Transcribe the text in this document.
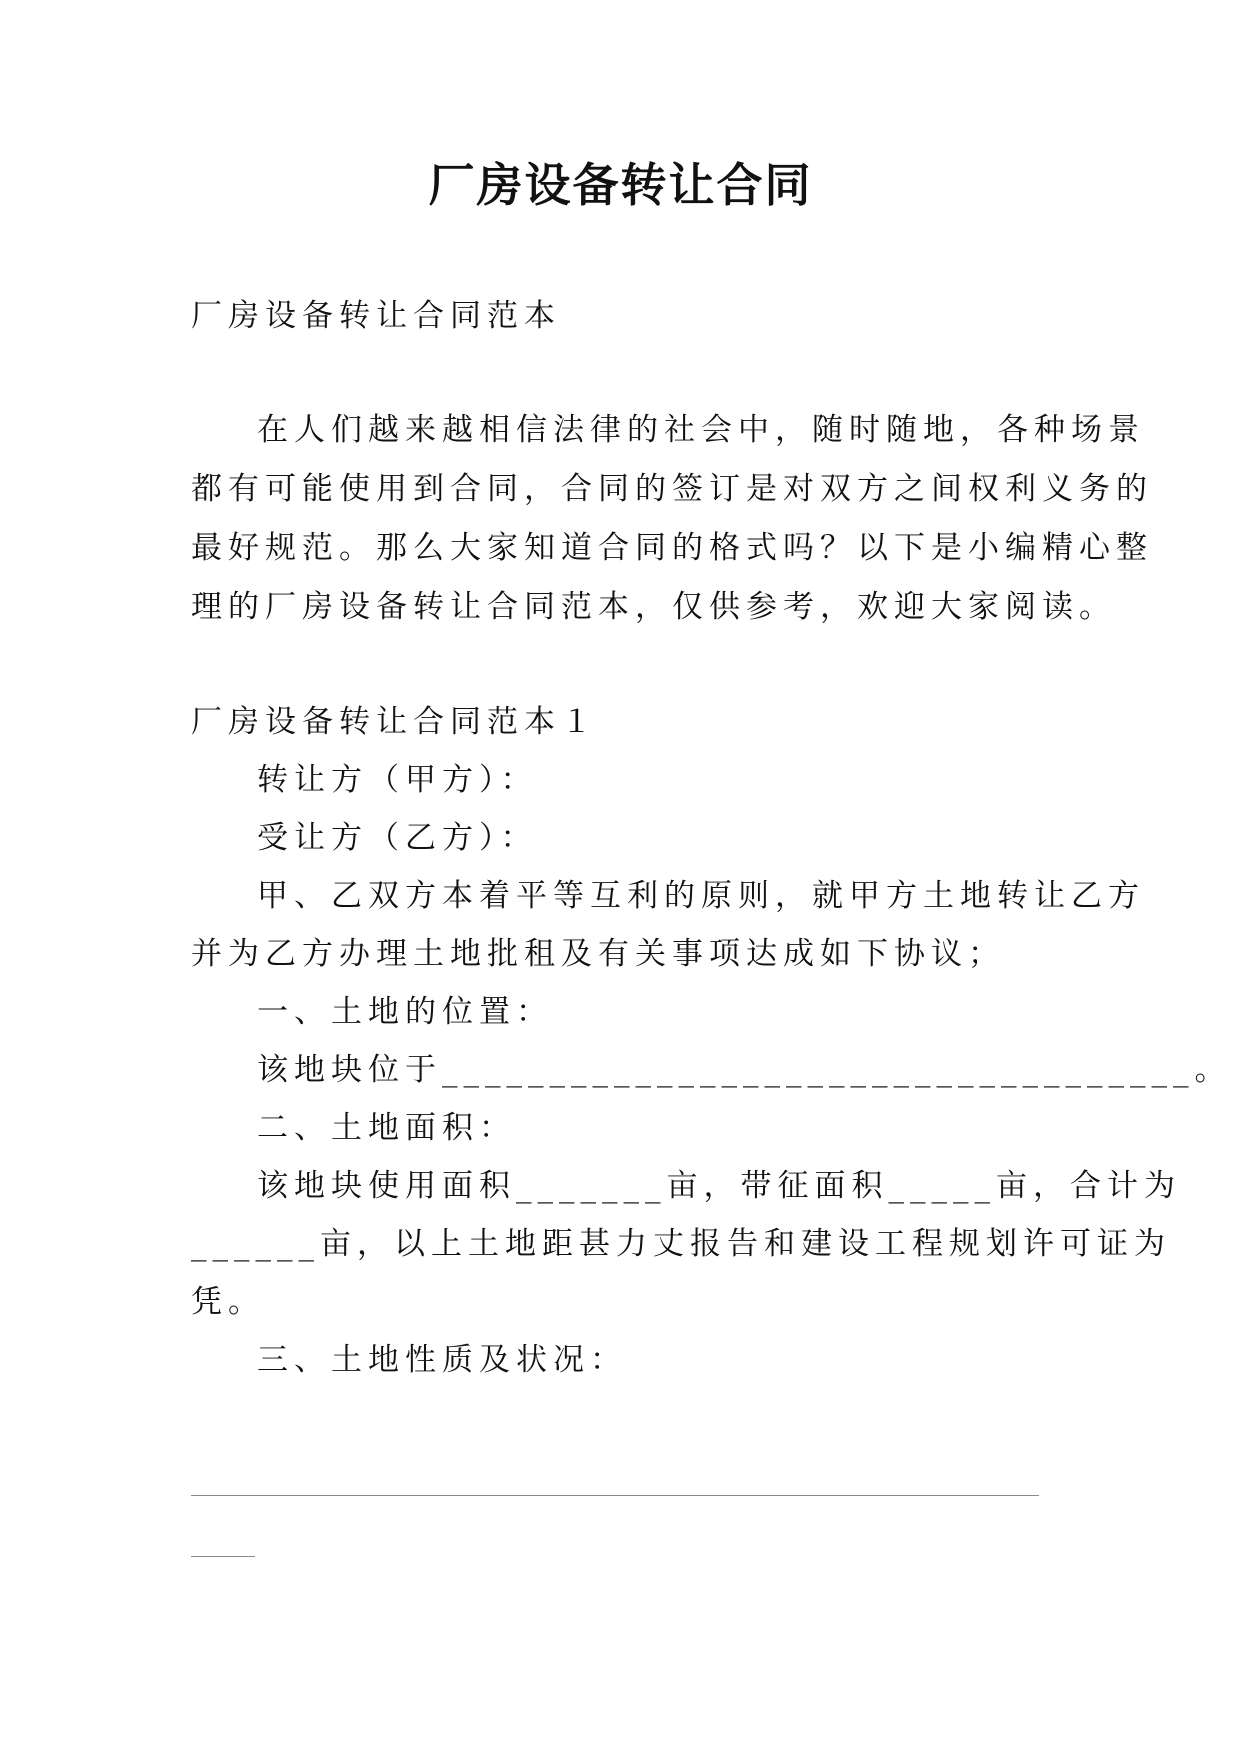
厂房设备转让合同

厂房设备转让合同范本

在人们越来越相信法律的社会中，随时随地，各种场景

都有可能使用到合同，合同的签订是对双方之间权利义务的

最好规范。那么大家知道合同的格式吗？以下是小编精心整

理的厂房设备转让合同范本，仅供参考，欢迎大家阅读。

厂房设备转让合同范本１

转让方（甲方）：

受让方（乙方）：

甲、乙双方本着平等互利的原则，就甲方土地转让乙方

并为乙方办理土地批租及有关事项达成如下协议；

一、土地的位置：

该地块位于___________________________________。

二、土地面积：

该地块使用面积_______亩，带征面积_____亩，合计为

______亩，以上土地距甚力丈报告和建设工程规划许可证为

凭。

三、土地性质及状况：
